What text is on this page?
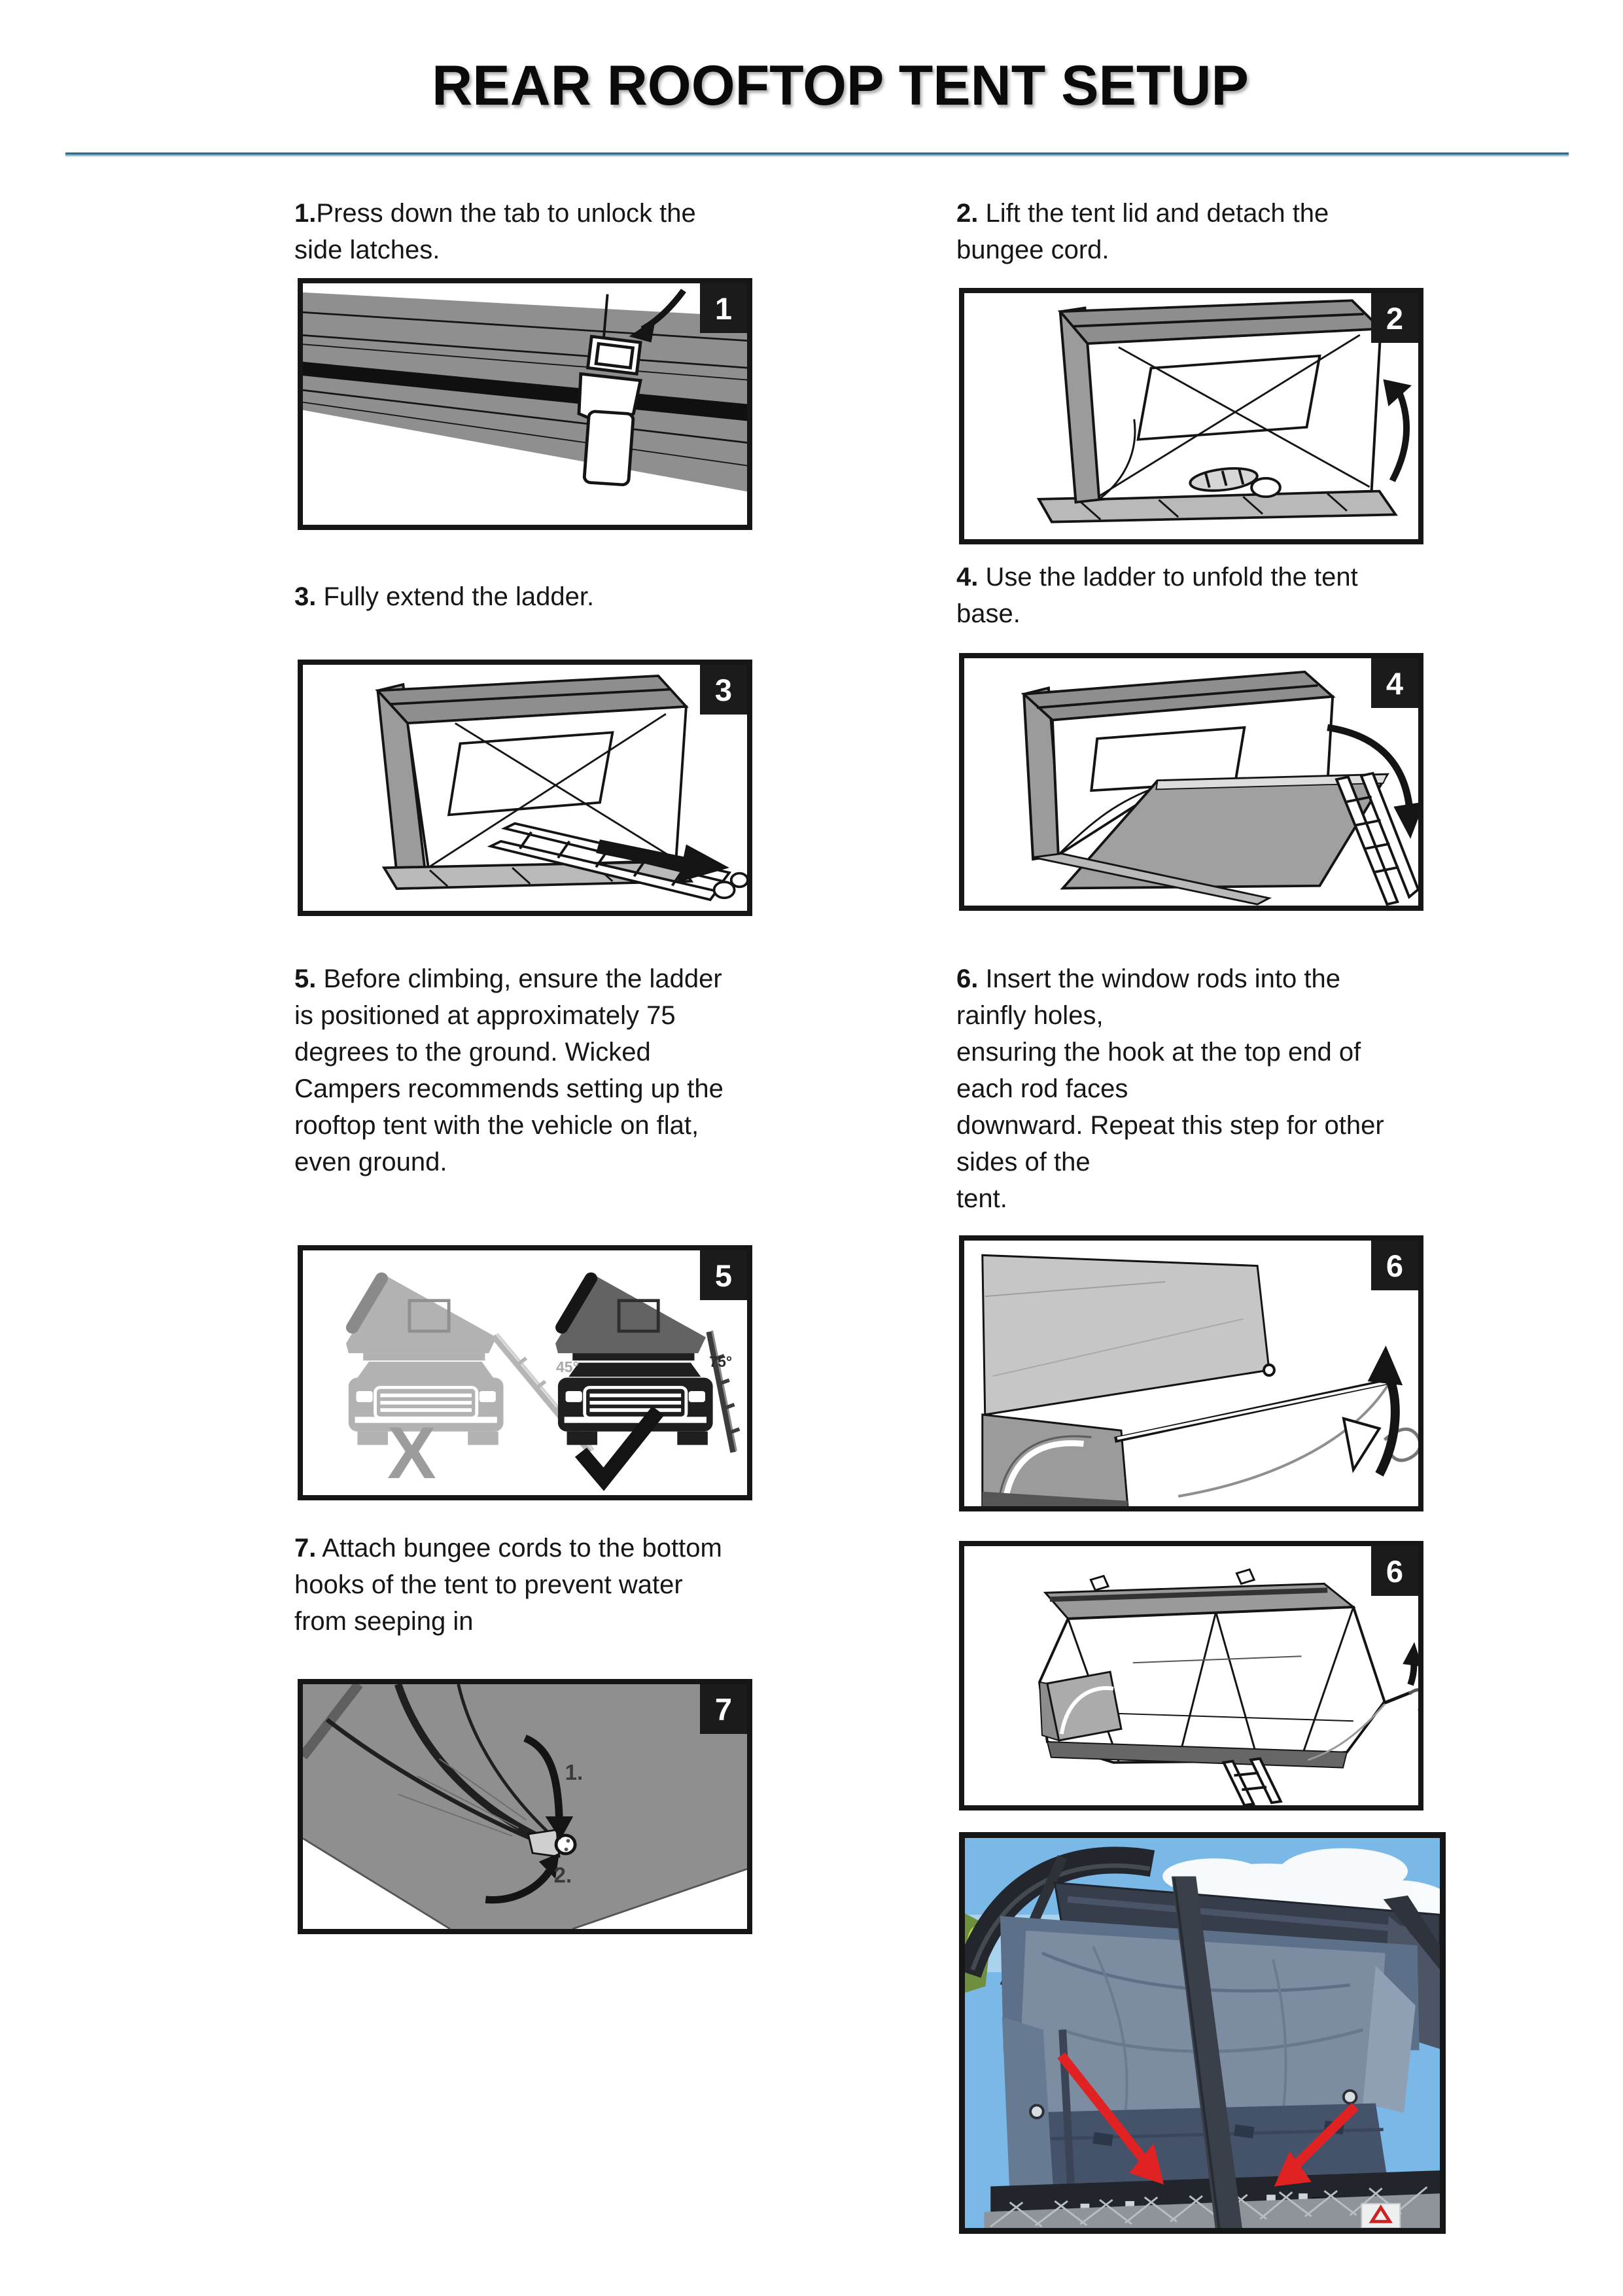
REAR ROOFTOP TENT SETUP
1.Press down the tab to unlock the
side latches.
2. Lift the tent lid and detach the
bungee cord.
3. Fully extend the ladder.
4. Use the ladder to unfold the tent
base.
5. Before climbing, ensure the ladder
is positioned at approximately 75
degrees to the ground. Wicked
Campers recommends setting up the
rooftop tent with the vehicle on flat,
even ground.
6. Insert the window rods into the
rainfly holes,
ensuring the hook at the top end of
each rod faces
downward. Repeat this step for other
sides of the
tent.
7. Attach bungee cords to the bottom
hooks of the tent to prevent water
from seeping in
1	2
3	4
X
45°	75°
5	6
6
1.
2.
7
